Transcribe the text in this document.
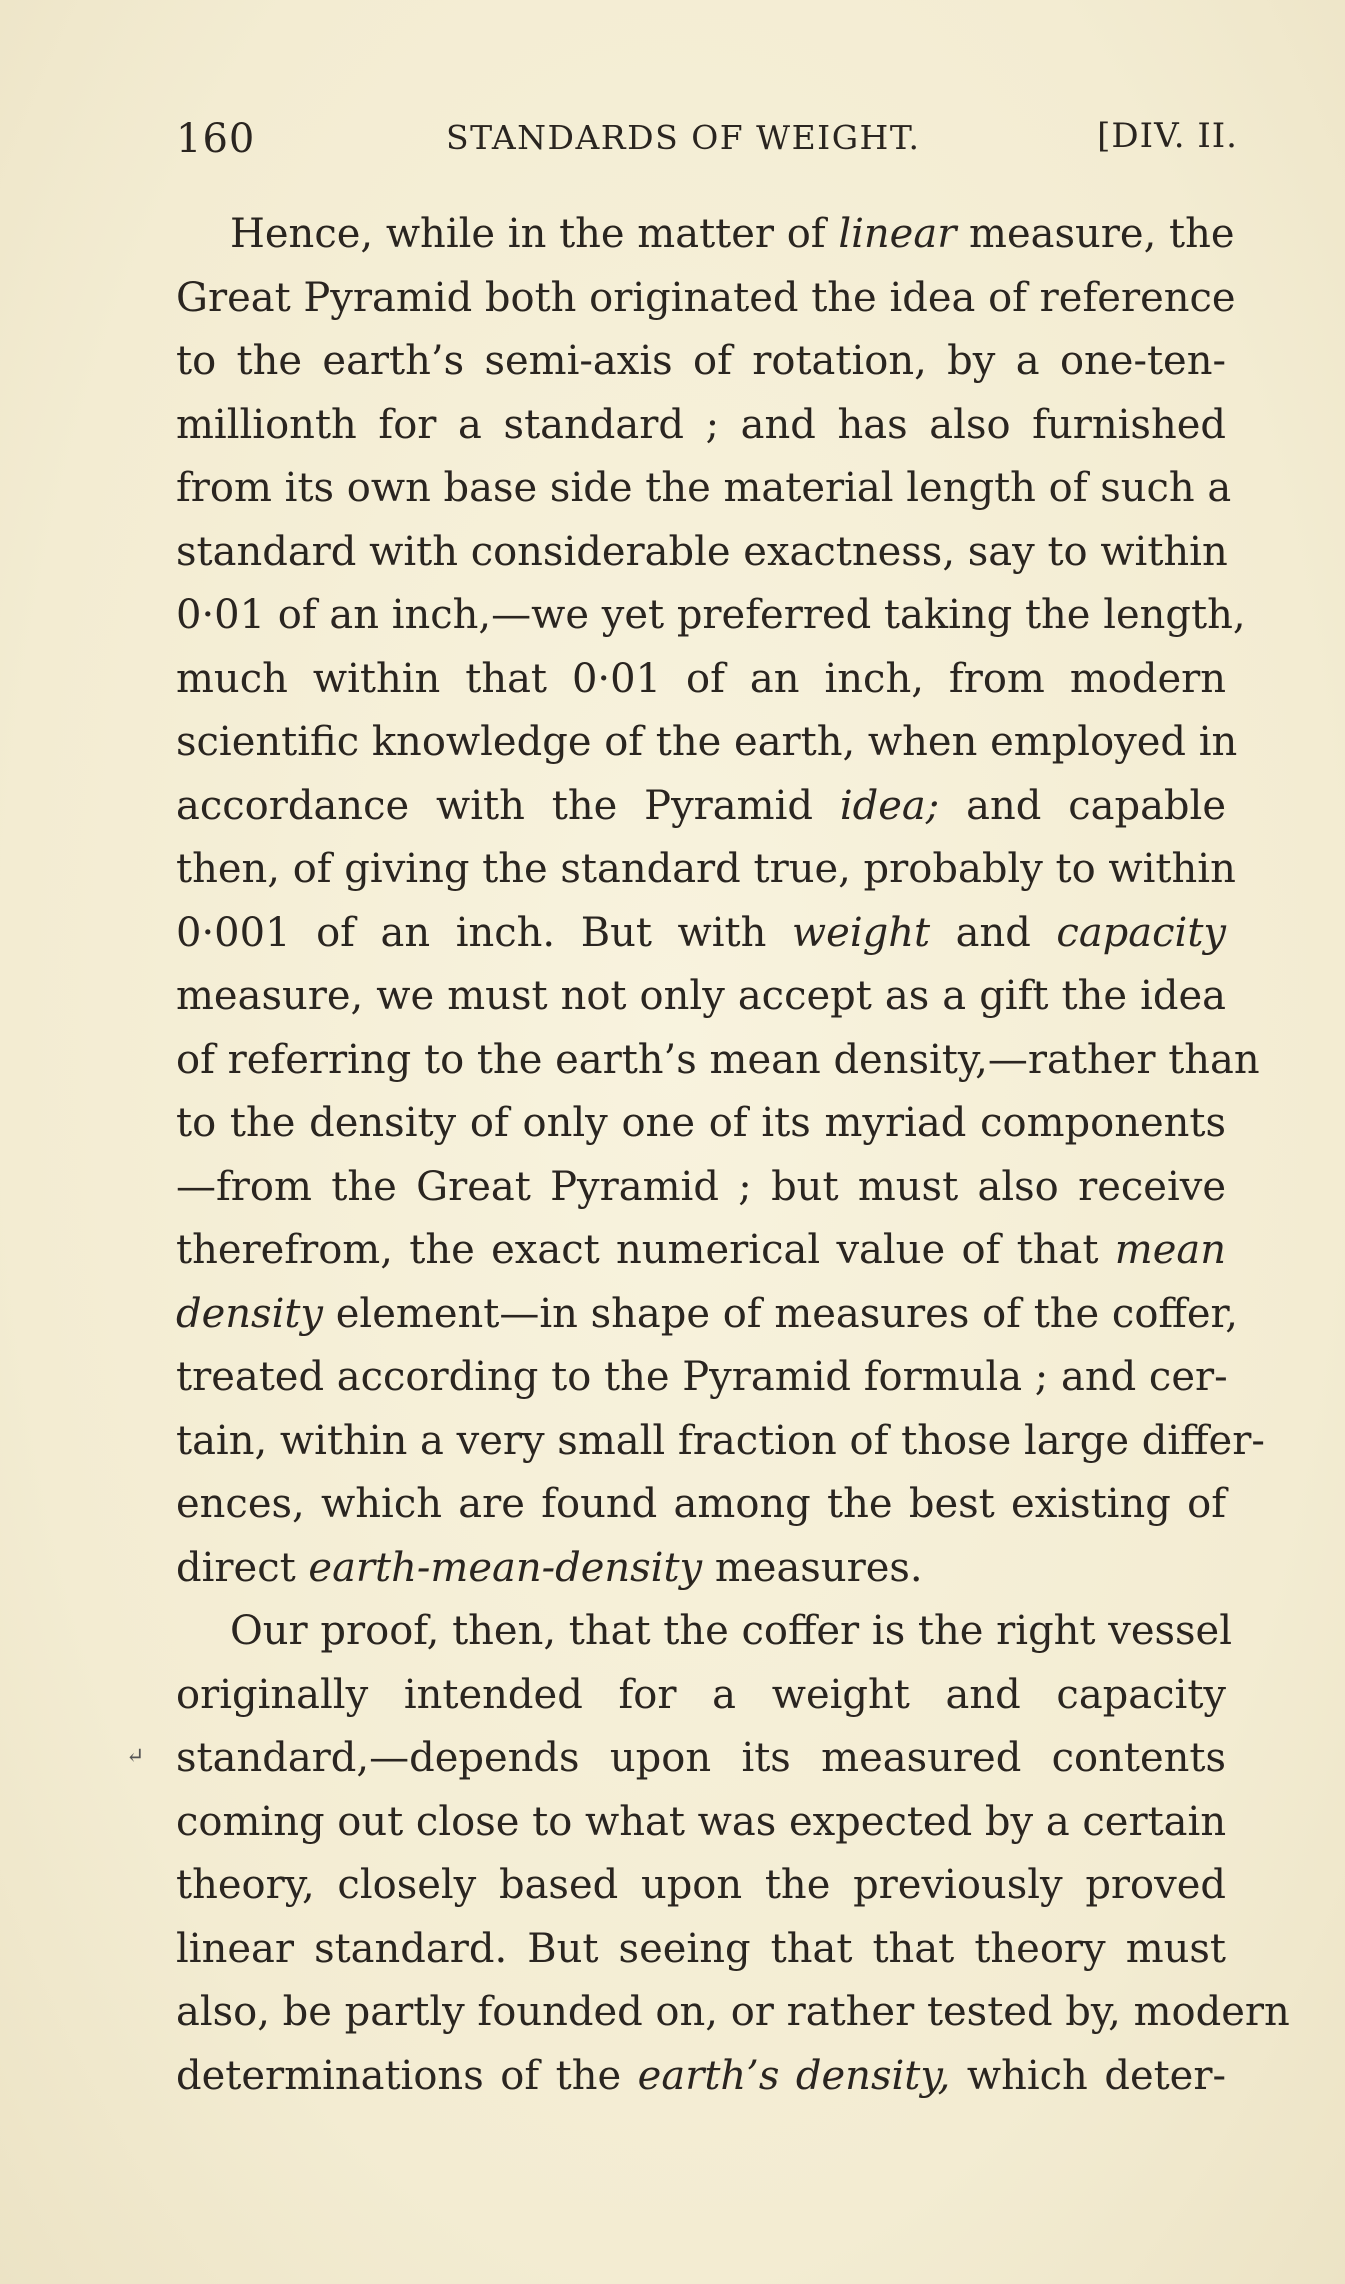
160	STANDARDS OF WEIGHT.	[DIV. II.
Hence, while in the matter of linear measure, the
Great Pyramid both originated the idea of reference
to the earth’s semi-axis of rotation, by a one-ten-
millionth for a standard ; and has also furnished
from its own base side the material length of such a
standard with considerable exactness, say to within
0·01 of an inch,—we yet preferred taking the length,
much within that 0·01 of an inch, from modern
scientific knowledge of the earth, when employed in
accordance with the Pyramid idea; and capable
then, of giving the standard true, probably to within
0·001 of an inch. But with weight and capacity
measure, we must not only accept as a gift the idea
of referring to the earth’s mean density,—rather than
to the density of only one of its myriad components
—from the Great Pyramid ; but must also receive
therefrom, the exact numerical value of that mean
density element—in shape of measures of the coffer,
treated according to the Pyramid formula ; and cer-
tain, within a very small fraction of those large differ-
ences, which are found among the best existing of
direct earth-mean-density measures.
Our proof, then, that the coffer is the right vessel
originally intended for a weight and capacity
standard,—depends upon its measured contents
coming out close to what was expected by a certain
theory, closely based upon the previously proved
linear standard. But seeing that that theory must
also, be partly founded on, or rather tested by, modern
determinations of the earth’s density, which deter-
↵
